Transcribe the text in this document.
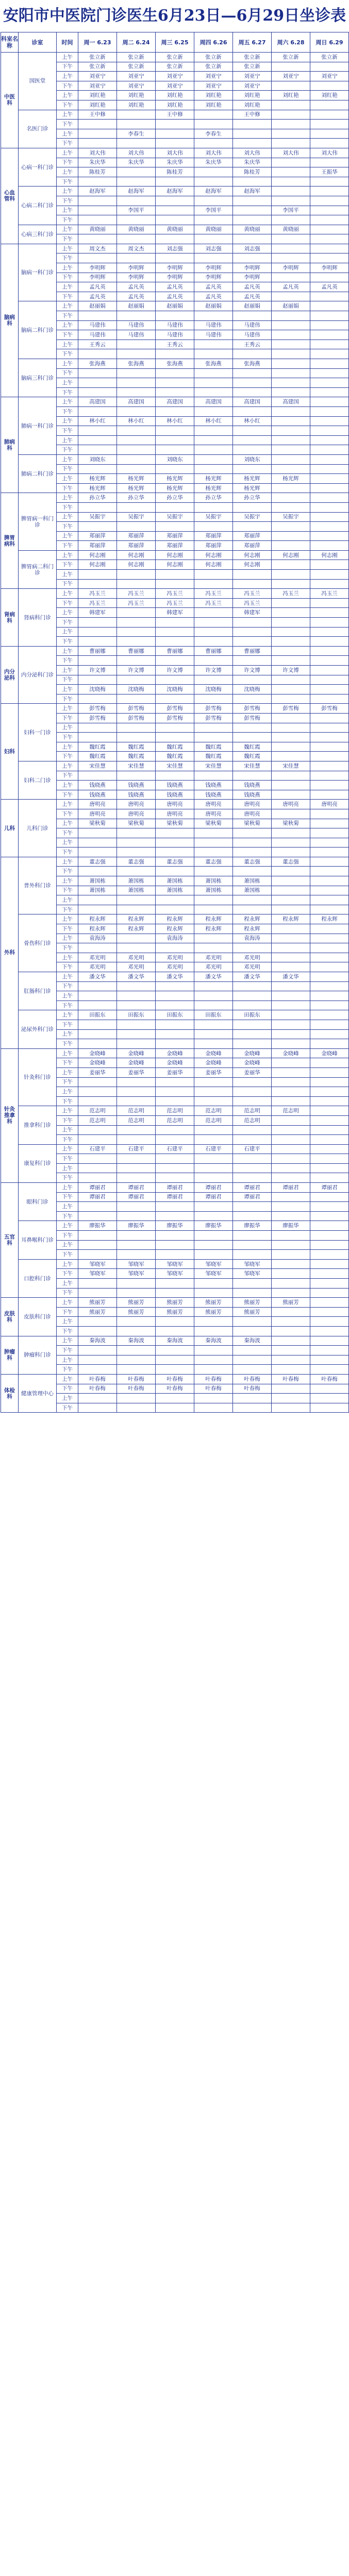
安阳市中医院门诊医生6月23日—6月29日坐诊表
科室名称	诊室	时间	周一 6.23	周二 6.24	周三 6.25	周四 6.26	周五 6.27	周六 6.28	周日 6.29
中医科	国医堂	上午	张立新	张立新	张立新	张立新	张立新	张立新	张立新
		下午	张立新	张立新	张立新	张立新	张立新		
		上午	刘亚宁	刘亚宁	刘亚宁	刘亚宁	刘亚宁	刘亚宁	刘亚宁
		下午	刘亚宁	刘亚宁	刘亚宁	刘亚宁	刘亚宁		
		上午	刘红艳	刘红艳	刘红艳	刘红艳	刘红艳	刘红艳	刘红艳
		下午	刘红艳	刘红艳	刘红艳	刘红艳	刘红艳		
	名医门诊	上午	王中修		王中修		王中修		
		下午							
		上午		李春生		李春生			
		下午							
心血管科	心病一科门诊	上午	刘大伟	刘大伟	刘大伟	刘大伟	刘大伟	刘大伟	刘大伟
		下午	朱庆华	朱庆华	朱庆华	朱庆华	朱庆华		
		上午	陈桂芳		陈桂芳		陈桂芳		王振华
		下午							
	心病二科门诊	上午	赵海军	赵海军	赵海军	赵海军	赵海军		
		下午							
		上午		李国平		李国平		李国平	
		下午							
	心病三科门诊	上午	黄晓丽	黄晓丽	黄晓丽	黄晓丽	黄晓丽	黄晓丽	
		下午							
脑病科	脑病一科门诊	上午	周文杰	周文杰	刘志强	刘志强	刘志强		
		下午							
		上午	李明辉	李明辉	李明辉	李明辉	李明辉	李明辉	李明辉
		下午	李明辉	李明辉	李明辉	李明辉	李明辉		
		上午	孟凡英	孟凡英	孟凡英	孟凡英	孟凡英	孟凡英	孟凡英
		下午	孟凡英	孟凡英	孟凡英	孟凡英	孟凡英		
	脑病二科门诊	上午	赵丽娟	赵丽娟	赵丽娟	赵丽娟	赵丽娟	赵丽娟	
		下午							
		上午	马建伟	马建伟	马建伟	马建伟	马建伟		
		下午	马建伟	马建伟	马建伟	马建伟	马建伟		
		上午	王秀云		王秀云		王秀云		
		下午							
	脑病三科门诊	上午	张海燕	张海燕	张海燕	张海燕	张海燕		
		下午							
		上午							
		下午							
肺病科	肺病一科门诊	上午	高建国	高建国	高建国	高建国	高建国	高建国	
		下午							
		上午	林小红	林小红	林小红	林小红	林小红		
		下午							
		上午							
		下午							
	肺病二科门诊	上午	刘晓东		刘晓东		刘晓东		
		下午							
		上午	杨光辉	杨光辉	杨光辉	杨光辉	杨光辉	杨光辉	
		下午	杨光辉	杨光辉	杨光辉	杨光辉	杨光辉		
脾胃病科	脾胃病一科门诊	上午	孙立华	孙立华	孙立华	孙立华	孙立华		
		下午							
		上午	吴振宇	吴振宇	吴振宇	吴振宇	吴振宇	吴振宇	
		下午							
		上午	郑丽萍	郑丽萍	郑丽萍	郑丽萍	郑丽萍		
		下午	郑丽萍	郑丽萍	郑丽萍	郑丽萍	郑丽萍		
	脾胃病二科门诊	上午	何志刚	何志刚	何志刚	何志刚	何志刚	何志刚	何志刚
		下午	何志刚	何志刚	何志刚	何志刚	何志刚		
		上午							
		下午							
肾病科	肾病科门诊	上午	冯玉兰	冯玉兰	冯玉兰	冯玉兰	冯玉兰	冯玉兰	冯玉兰
		下午	冯玉兰	冯玉兰	冯玉兰	冯玉兰	冯玉兰		
		上午	韩建军		韩建军		韩建军		
		下午							
		上午							
		下午							
内分泌科	内分泌科门诊	上午	曹丽娜	曹丽娜	曹丽娜	曹丽娜	曹丽娜		
		下午							
		上午	许文博	许文博	许文博	许文博	许文博	许文博	
		下午							
		上午	沈晓梅	沈晓梅	沈晓梅	沈晓梅	沈晓梅		
		下午							
妇科	妇科一门诊	上午	彭雪梅	彭雪梅	彭雪梅	彭雪梅	彭雪梅	彭雪梅	彭雪梅
		下午	彭雪梅	彭雪梅	彭雪梅	彭雪梅	彭雪梅		
		上午							
		下午							
		上午	魏红霞	魏红霞	魏红霞	魏红霞	魏红霞		
		下午	魏红霞	魏红霞	魏红霞	魏红霞	魏红霞		
	妇科二门诊	上午	宋佳慧	宋佳慧	宋佳慧	宋佳慧	宋佳慧	宋佳慧	
		下午							
		上午	钱晓燕	钱晓燕	钱晓燕	钱晓燕	钱晓燕		
		下午	钱晓燕	钱晓燕	钱晓燕	钱晓燕	钱晓燕		
儿科	儿科门诊	上午	唐明亮	唐明亮	唐明亮	唐明亮	唐明亮	唐明亮	唐明亮
		下午	唐明亮	唐明亮	唐明亮	唐明亮	唐明亮		
		上午	梁秋菊	梁秋菊	梁秋菊	梁秋菊	梁秋菊	梁秋菊	
		下午							
		上午							
		下午							
外科	普外科门诊	上午	董志强	董志强	董志强	董志强	董志强	董志强	
		下午							
		上午	萧国栋	萧国栋	萧国栋	萧国栋	萧国栋		
		下午	萧国栋	萧国栋	萧国栋	萧国栋	萧国栋		
		上午							
		下午							
	骨伤科门诊	上午	程永辉	程永辉	程永辉	程永辉	程永辉	程永辉	程永辉
		下午	程永辉	程永辉	程永辉	程永辉	程永辉		
		上午	袁海涛		袁海涛		袁海涛		
		下午							
		上午	邓光明	邓光明	邓光明	邓光明	邓光明		
		下午	邓光明	邓光明	邓光明	邓光明	邓光明		
	肛肠科门诊	上午	潘文华	潘文华	潘文华	潘文华	潘文华	潘文华	
		下午							
		上午							
		下午							
	泌尿外科门诊	上午	田振东	田振东	田振东	田振东	田振东		
		下午							
		上午							
		下午							
针灸推拿科	针灸科门诊	上午	金晓峰	金晓峰	金晓峰	金晓峰	金晓峰	金晓峰	金晓峰
		下午	金晓峰	金晓峰	金晓峰	金晓峰	金晓峰		
		上午	姜丽华	姜丽华	姜丽华	姜丽华	姜丽华		
		下午							
		上午							
		下午							
	推拿科门诊	上午	范志明	范志明	范志明	范志明	范志明	范志明	
		下午	范志明	范志明	范志明	范志明	范志明		
		上午							
		下午							
	康复科门诊	上午	石建平	石建平	石建平	石建平	石建平		
		下午							
		上午							
		下午							
五官科	眼科门诊	上午	谭丽君	谭丽君	谭丽君	谭丽君	谭丽君	谭丽君	谭丽君
		下午	谭丽君	谭丽君	谭丽君	谭丽君	谭丽君		
		上午							
		下午							
	耳鼻喉科门诊	上午	廖振华	廖振华	廖振华	廖振华	廖振华	廖振华	
		下午							
		上午							
		下午							
	口腔科门诊	上午	邹晓军	邹晓军	邹晓军	邹晓军	邹晓军		
		下午	邹晓军	邹晓军	邹晓军	邹晓军	邹晓军		
		上午							
		下午							
皮肤科	皮肤科门诊	上午	熊丽芳	熊丽芳	熊丽芳	熊丽芳	熊丽芳	熊丽芳	
		下午	熊丽芳	熊丽芳	熊丽芳	熊丽芳	熊丽芳		
		上午							
		下午							
肿瘤科	肿瘤科门诊	上午	秦海波	秦海波	秦海波	秦海波	秦海波		
		下午							
		上午							
		下午							
体检科	健康管理中心	上午	叶春梅	叶春梅	叶春梅	叶春梅	叶春梅	叶春梅	叶春梅
		下午	叶春梅	叶春梅	叶春梅	叶春梅	叶春梅		
		上午							
		下午							
